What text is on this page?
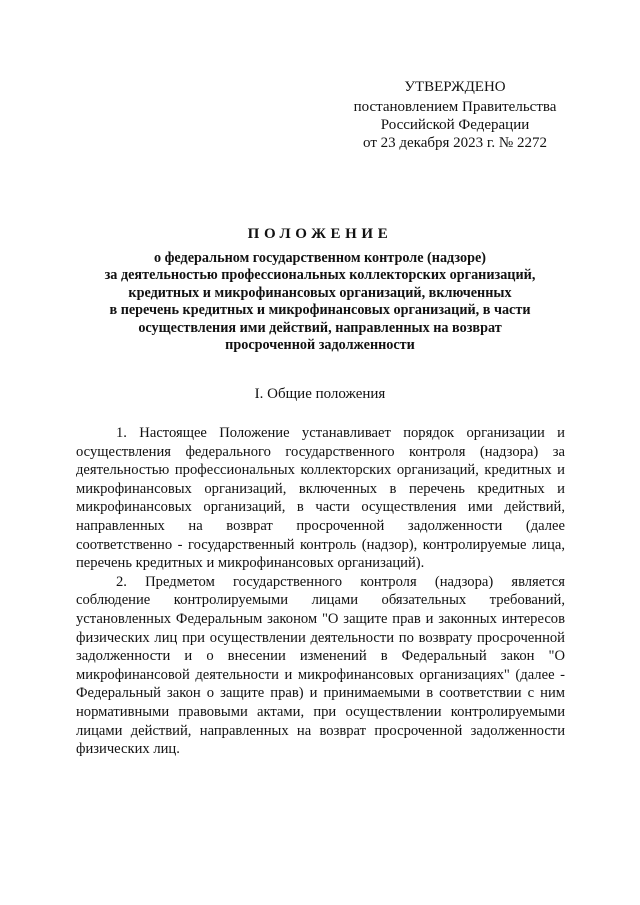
УТВЕРЖДЕНО
постановлением Правительства
Российской Федерации
от 23 декабря 2023 г. № 2272
ПОЛОЖЕНИЕ
о федеральном государственном контроле (надзоре)
за деятельностью профессиональных коллекторских организаций,
кредитных и микрофинансовых организаций, включенных
в перечень кредитных и микрофинансовых организаций, в части
осуществления ими действий, направленных на возврат
просроченной задолженности
I. Общие положения

1. Настоящее Положение устанавливает порядок организации и осуществления федерального государственного контроля (надзора) за деятельностью профессиональных коллекторских организаций, кредитных и микрофинансовых организаций, включенных в перечень кредитных и микрофинансовых организаций, в части осуществления ими действий, направленных на возврат просроченной задолженности (далее соответственно - государственный контроль (надзор), контролируемые лица, перечень кредитных и микрофинансовых организаций).

2. Предметом государственного контроля (надзора) является соблюдение контролируемыми лицами обязательных требований, установленных Федеральным законом "О защите прав и законных интересов физических лиц при осуществлении деятельности по возврату просроченной задолженности и о внесении изменений в Федеральный закон "О микрофинансовой деятельности и микрофинансовых организациях" (далее - Федеральный закон о защите прав) и принимаемыми в соответствии с ним нормативными правовыми актами, при осуществлении контролируемыми лицами действий, направленных на возврат просроченной задолженности физических лиц.
